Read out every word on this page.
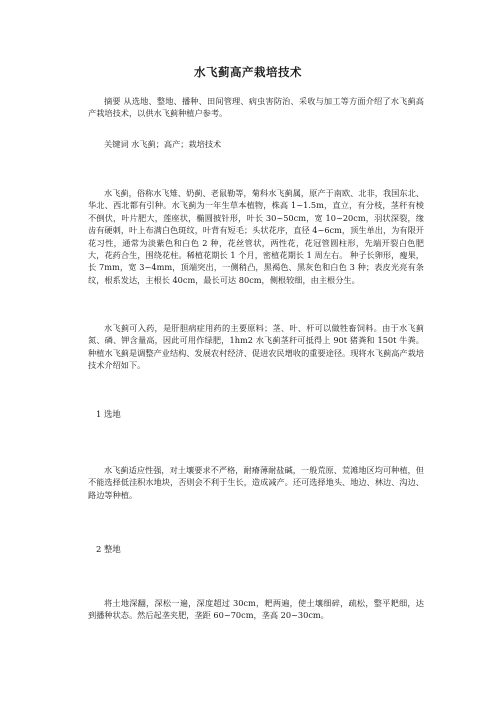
水飞蓟高产栽培技术

摘要 从选地、整地、播种、田间管理、病虫害防治、采收与加工等方面介绍了水飞蓟高产栽培技术，以供水飞蓟种植户参考。

关键词 水飞蓟；高产；栽培技术

水飞蓟，俗称水飞雉、奶蓟、老鼠勒等，菊科水飞蓟属，原产于南欧、北非，我国东北、华北、西北都有引种。水飞蓟为一年生草本植物，株高 1~1.5m，直立，有分枝，茎秆有棱不倒伏，叶片肥大，莲座状，椭圆披针形，叶长 30~50cm，宽 10~20cm，羽状深裂，缘齿有硬刺，叶上布满白色斑纹，叶背有短毛；头状花序，直径 4~6cm，顶生单出，为有限开花习性，通常为淡紫色和白色 2 种，花丝管状，两性花，花冠管圆柱形，先端开裂白色肥大，花药合生，围绕花柱。稀植花期长 1 个月，密植花期长 1 周左右。 种子长卵形，瘦果，长 7mm，宽 3~4mm，顶端突出，一侧稍凸，黑褐色、黑灰色和白色 3 种；表皮光亮有条纹，根系发达，主根长 40cm，最长可达 80cm，侧根较细，由主根分生。

水飞蓟可入药，是肝胆病症用药的主要原料；茎、叶、杆可以做牲畜饲料。由于水飞蓟氮、磷、钾含量高，因此可用作绿肥，1hm2 水飞蓟茎秆可抵得上 90t 猪粪和 150t 牛粪。种植水飞蓟是调整产业结构、发展农村经济、促进农民增收的重要途径。现将水飞蓟高产栽培技术介绍如下。

1 选地

水飞蓟适应性强，对土壤要求不严格，耐瘠薄耐盐碱，一般荒原、荒滩地区均可种植，但不能选择低洼积水地块，否则会不利于生长，造成减产。还可选择地头、地边、林边、沟边、路边等种植。

2 整地

将土地深翻，深松一遍，深度超过 30cm，耙两遍，使土壤细碎，疏松，整平耙细，达到播种状态。然后起垄夹肥，垄距 60~70cm，垄高 20~30cm。
